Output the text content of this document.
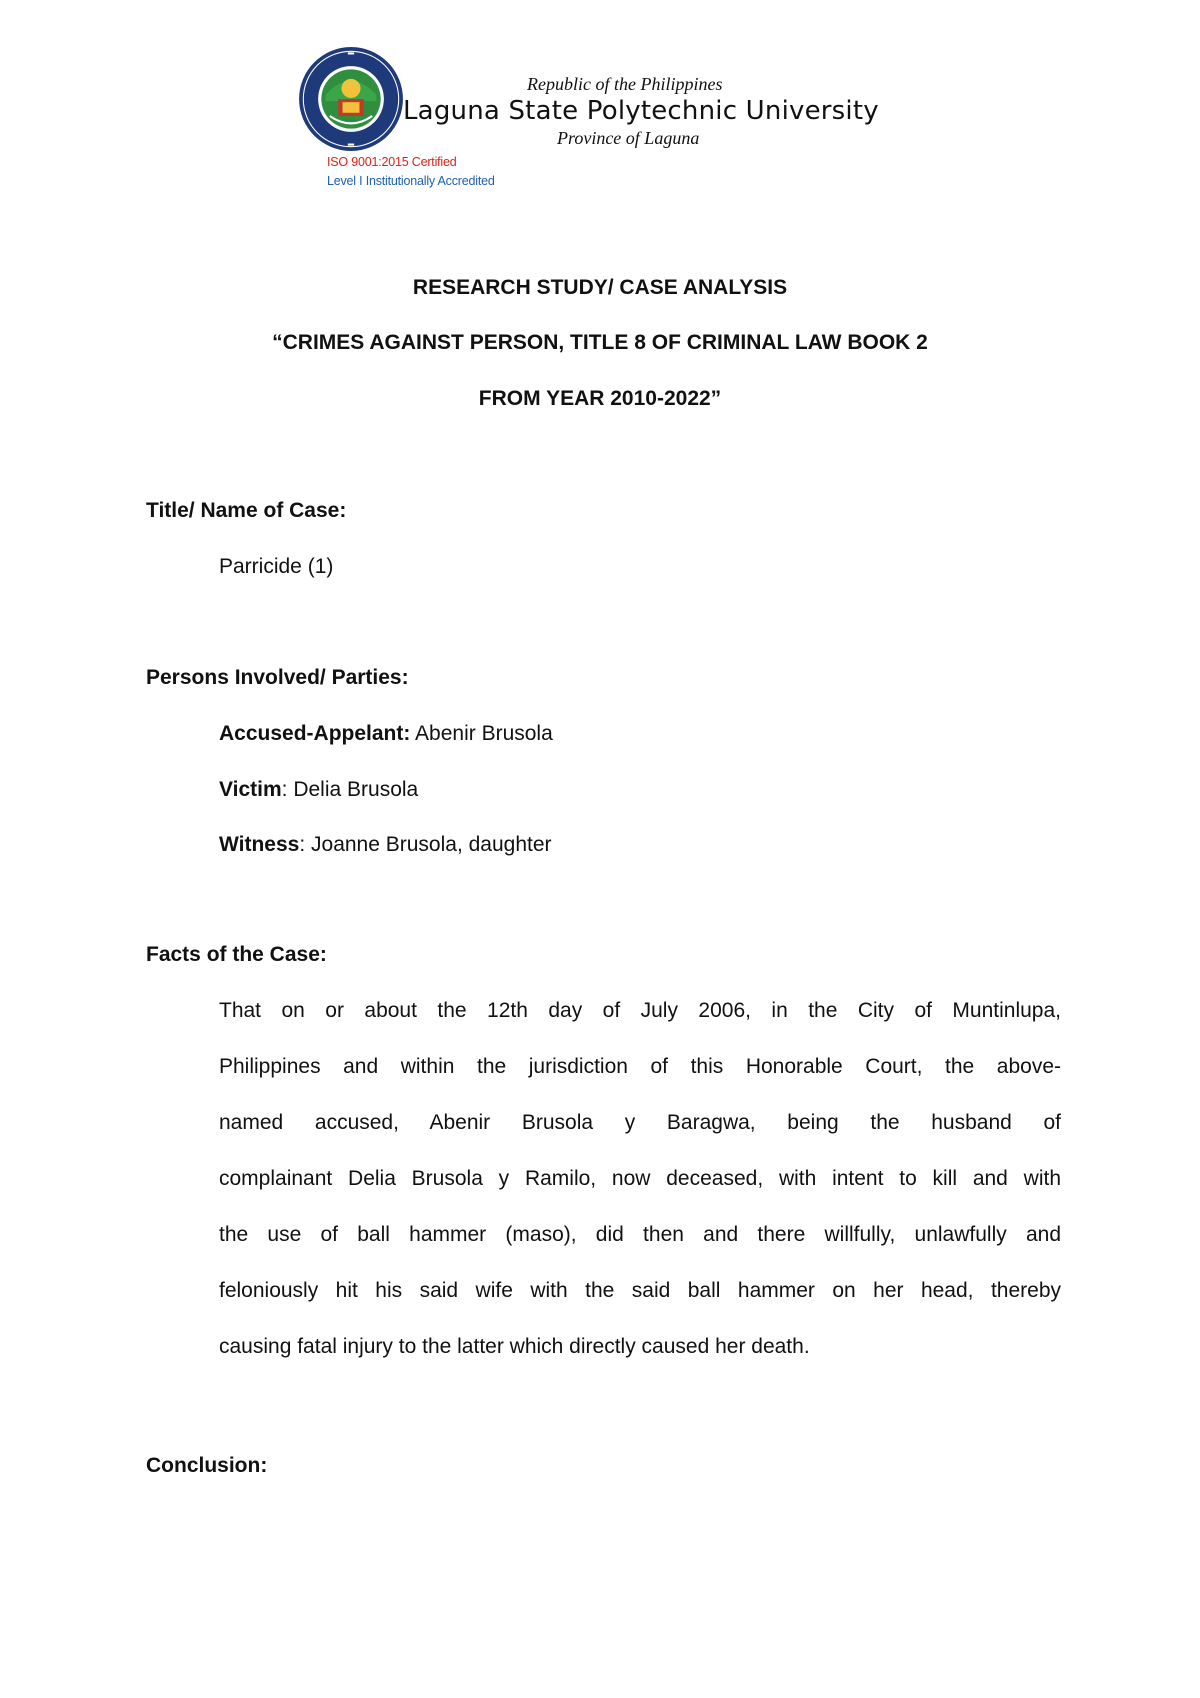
Republic of the Philippines
Laguna State Polytechnic University
Province of Laguna
ISO 9001:2015 Certified
Level I Institutionally Accredited
RESEARCH STUDY/ CASE ANALYSIS
“CRIMES AGAINST PERSON, TITLE 8 OF CRIMINAL LAW BOOK 2
FROM YEAR 2010-2022”
Title/ Name of Case:
Parricide (1)
Persons Involved/ Parties:
Accused-Appelant: Abenir Brusola
Victim: Delia Brusola
Witness: Joanne Brusola, daughter
Facts of the Case:
That on or about the 12th day of July 2006, in the City of Muntinlupa,
Philippines and within the jurisdiction of this Honorable Court, the above-
named accused, Abenir Brusola y Baragwa, being the husband of
complainant Delia Brusola y Ramilo, now deceased, with intent to kill and with
the use of ball hammer (maso), did then and there willfully, unlawfully and
feloniously hit his said wife with the said ball hammer on her head, thereby
causing fatal injury to the latter which directly caused her death.
Conclusion:
